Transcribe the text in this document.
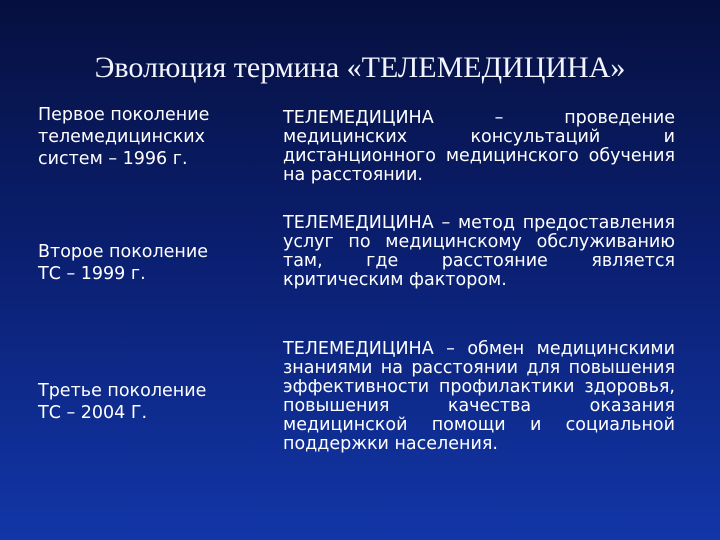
Эволюция термина «ТЕЛЕМЕДИЦИНА»
Первое поколение
телемедицинских
систем – 1996 г.
ТЕЛЕМЕДИЦИНА – проведение медицинских консультаций и дистанционного медицинского обучения на расстоянии.
Второе поколение
ТС – 1999 г.
ТЕЛЕМЕДИЦИНА – метод предоставления услуг по медицинскому обслуживанию там, где расстояние является критическим фактором.
Третье поколение
ТС – 2004 Г.
ТЕЛЕМЕДИЦИНА – обмен медицинскими знаниями на расстоянии для повышения эффективности профилактики здоровья, повышения качества оказания медицинской помощи и социальной поддержки населения.
